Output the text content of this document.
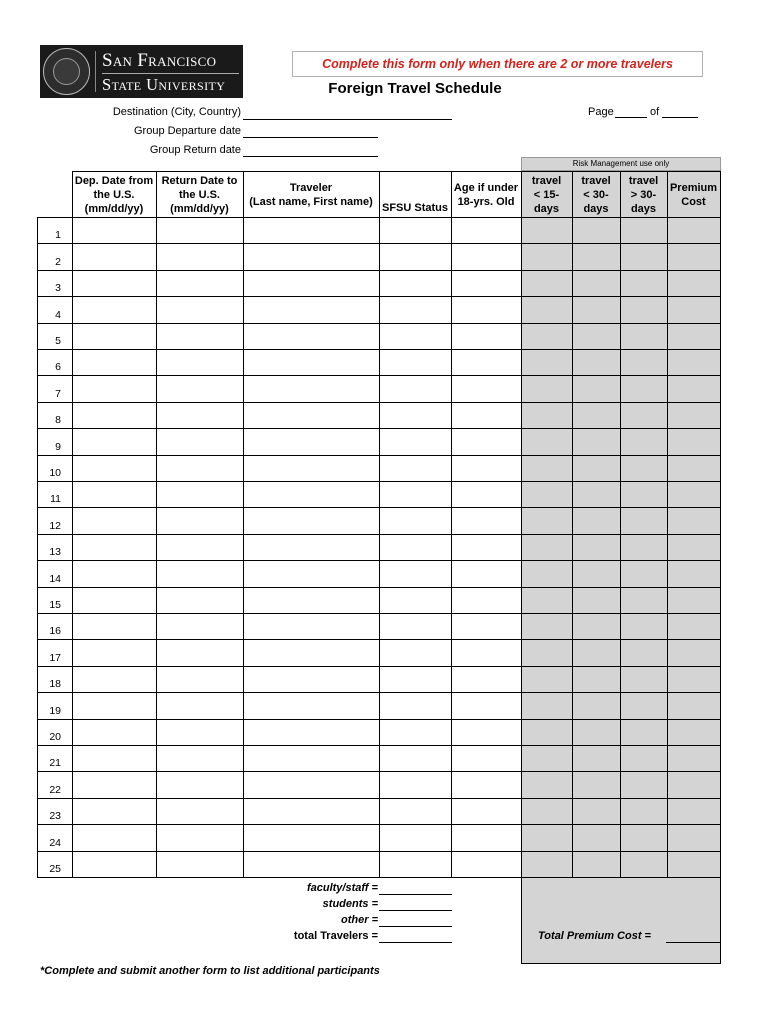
San Francisco
State University
Complete this form only when there are 2 or more travelers
Foreign Travel Schedule
Destination (City, Country)
Group Departure date
Group Return date
Page	of
Risk Management use only
Dep. Date from
the U.S.
(mm/dd/yy)
Return Date to
the U.S.
(mm/dd/yy)
Traveler
(Last name, First name) SFSU Status
Age if under
18-yrs. Old
travel
< 15-
days
travel
< 30-
days
travel
> 30-
days
Premium
Cost
1
2
3
4
5
6
7
8
9
10
11
12
13
14
15
16
17
18
19
20
21
22
23
24
25
faculty/staff =
students =
other =
total Travelers =	Total Premium Cost =
*Complete and submit another form to list additional participants
